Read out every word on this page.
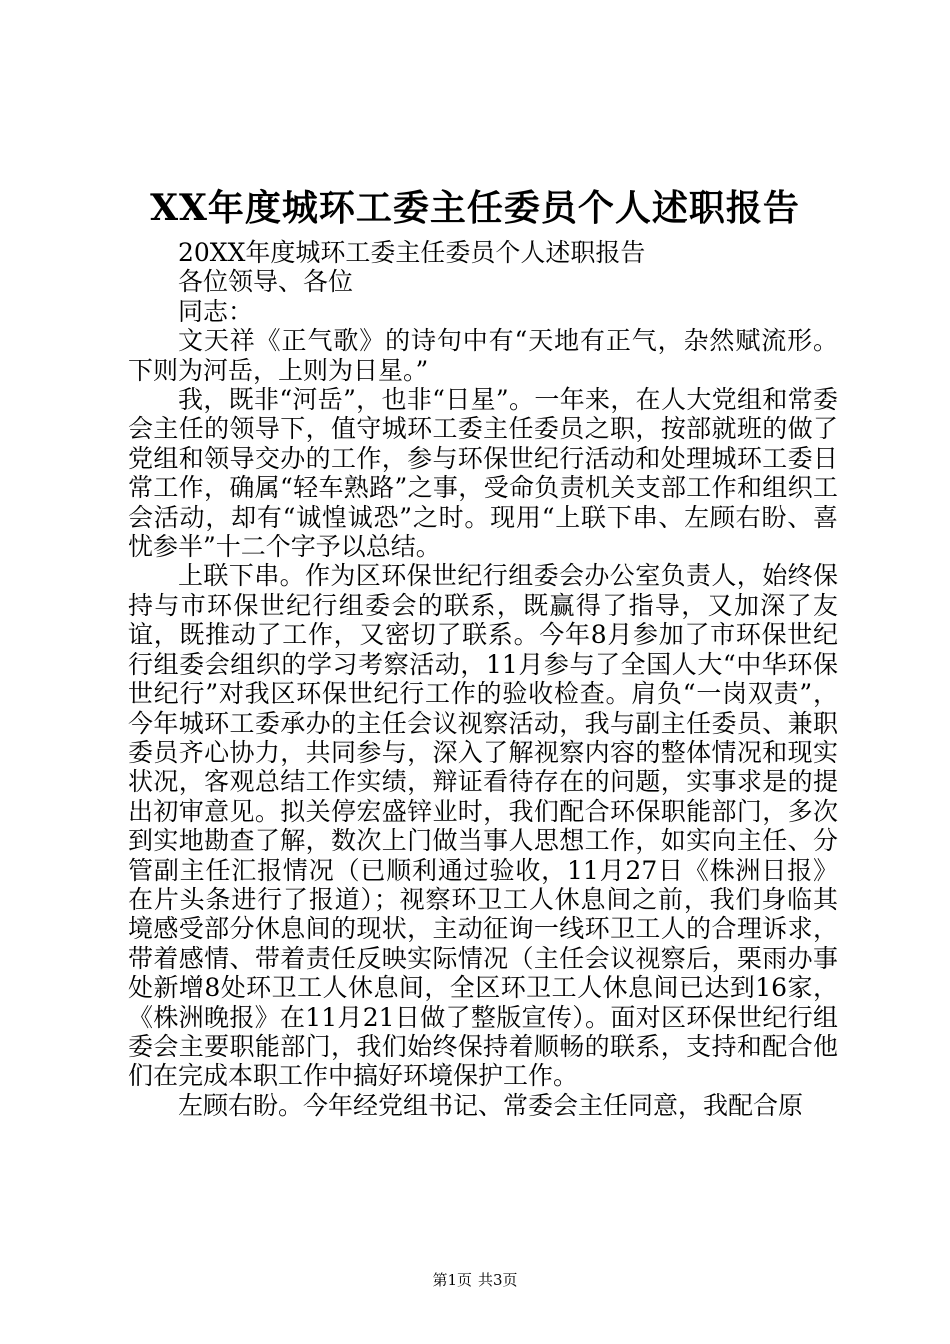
XX年度城环工委主任委员个人述职报告

20XX年度城环工委主任委员个人述职报告

各位领导、各位

同志：

文天祥《正气歌》的诗句中有“天地有正气，杂然赋流形。下则为河岳，上则为日星。”

我，既非“河岳”，也非“日星”。一年来，在人大党组和常委会主任的领导下，值守城环工委主任委员之职，按部就班的做了党组和领导交办的工作，参与环保世纪行活动和处理城环工委日常工作，确属“轻车熟路”之事，受命负责机关支部工作和组织工会活动，却有“诚惶诚恐”之时。现用“上联下串、左顾右盼、喜忧参半”十二个字予以总结。

上联下串。作为区环保世纪行组委会办公室负责人，始终保持与市环保世纪行组委会的联系，既赢得了指导，又加深了友谊，既推动了工作，又密切了联系。今年8月参加了市环保世纪行组委会组织的学习考察活动，11月参与了全国人大“中华环保世纪行”对我区环保世纪行工作的验收检查。肩负“一岗双责”，今年城环工委承办的主任会议视察活动，我与副主任委员、兼职委员齐心协力，共同参与，深入了解视察内容的整体情况和现实状况，客观总结工作实绩，辩证看待存在的问题，实事求是的提出初审意见。拟关停宏盛锌业时，我们配合环保职能部门，多次到实地勘查了解，数次上门做当事人思想工作，如实向主任、分管副主任汇报情况（已顺利通过验收，11月27日《株洲日报》在片头条进行了报道）；视察环卫工人休息间之前，我们身临其境感受部分休息间的现状，主动征询一线环卫工人的合理诉求，带着感情、带着责任反映实际情况（主任会议视察后，栗雨办事处新增8处环卫工人休息间，全区环卫工人休息间已达到16家，《株洲晚报》在11月21日做了整版宣传）。面对区环保世纪行组委会主要职能部门，我们始终保持着顺畅的联系，支持和配合他们在完成本职工作中搞好环境保护工作。

左顾右盼。今年经党组书记、常委会主任同意，我配合原

第1页 共3页
